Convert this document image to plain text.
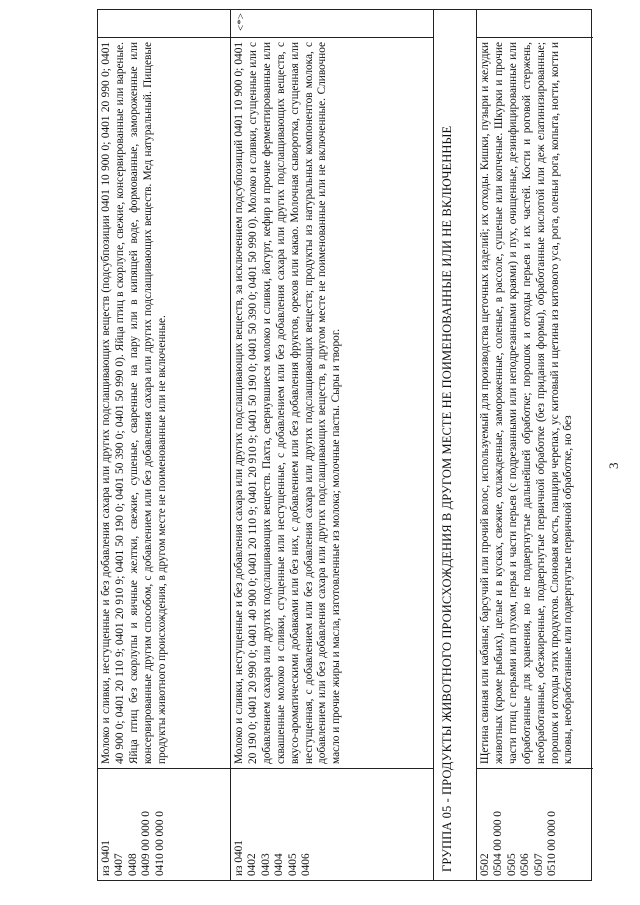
3
из 0401
0407
0408
0409 00 000 0
0410 00 000 0
Молоко и сливки, несгущенные и без добавления сахара или других подслащивающих веществ (подсубпозиции 0401 10 900 0; 0401 20 990 0; 0401 40 900 0; 0401 20 110 9; 0401 20 910 9; 0401 50 190 0; 0401 50 390 0; 0401 50 990 0). Яйца птиц в скорлупе, свежие, консервированные или вареные. Яйца птиц без скорлупы и яичные желтки, свежие, сушеные, сваренные на пару или в кипящей воде, формованные, замороженные или консервированные другим способом, с добавлением или без добавления сахара или других подслащивающих веществ. Мед натуральный. Пищевые продукты животного происхождения, в другом месте не поименованные или не включенные.
из 0401
0402
0403
0404
0405
0406
Молоко и сливки, несгущенные и без добавления сахара или других подслащивающих веществ, за исключением подсубпозиций 0401 10 900 0; 0401 20 190 0; 0401 20 990 0; 0401 40 900 0; 0401 20 110 9; 0401 20 910 9; 0401 50 190 0; 0401 50 390 0; 0401 50 990 0). Молоко и сливки, сгущенные или с добавлением сахара или других подслащивающих веществ. Пахта, свернувшиеся молоко и сливки, йогурт, кефир и прочие ферментированные или сквашенные молоко и сливки, сгущенные или несгущенные, с добавлением или без добавления сахара или других подслащивающих веществ, с вкусо-ароматическими добавками или без них, с добавлением или без добавления фруктов, орехов или какао. Молочная сыворотка, сгущенная или несгущенная, с добавлением или без добавления сахара или других подслащивающих веществ; продукты из натуральных компонентов молока, с добавлением или без добавления сахара или других подслащивающих веществ, в другом месте не поименованные или не включенные. Сливочное масло и прочие жиры и масла, изготовленные из молока; молочные пасты. Сыры и творог.
<*>
ГРУППА 05 - ПРОДУКТЫ ЖИВОТНОГО ПРОИСХОЖДЕНИЯ В ДРУГОМ МЕСТЕ НЕ ПОИМЕНОВАННЫЕ ИЛИ НЕ ВКЛЮЧЕННЫЕ	0502
0504 00 000 0
0505
0506
0507
0510 00 000 0
Щетина свиная или кабанья; барсучий или прочий волос, используемый для производства щеточных изделий; их отходы. Кишки, пузыри и желудки животных (кроме рыбьих), целые и в кусках, свежие, охлажденные, замороженные, соленые, в рассоле, сушеные или копченые. Шкурки и прочие части птиц с перьями или пухом, перья и части перьев (с подрезанными или неподрезанными краями) и пух, очищенные, дезинфицированные или обработанные для хранения, но не подвергнутые дальнейшей обработке; порошок и отходы перьев и их частей. Кости и роговой стержень, необработанные, обезжиренные, подвергнутые первичной обработке (без придания формы), обработанные кислотой или деж елатинизированные; порошок и отходы этих продуктов. Слоновая кость, панцири черепах, ус китовый и щетина из китового уса, рога, оленьи рога, копыта, ногти, когти и клювы, необработанные или подвергнутые первичной обработке, но без
